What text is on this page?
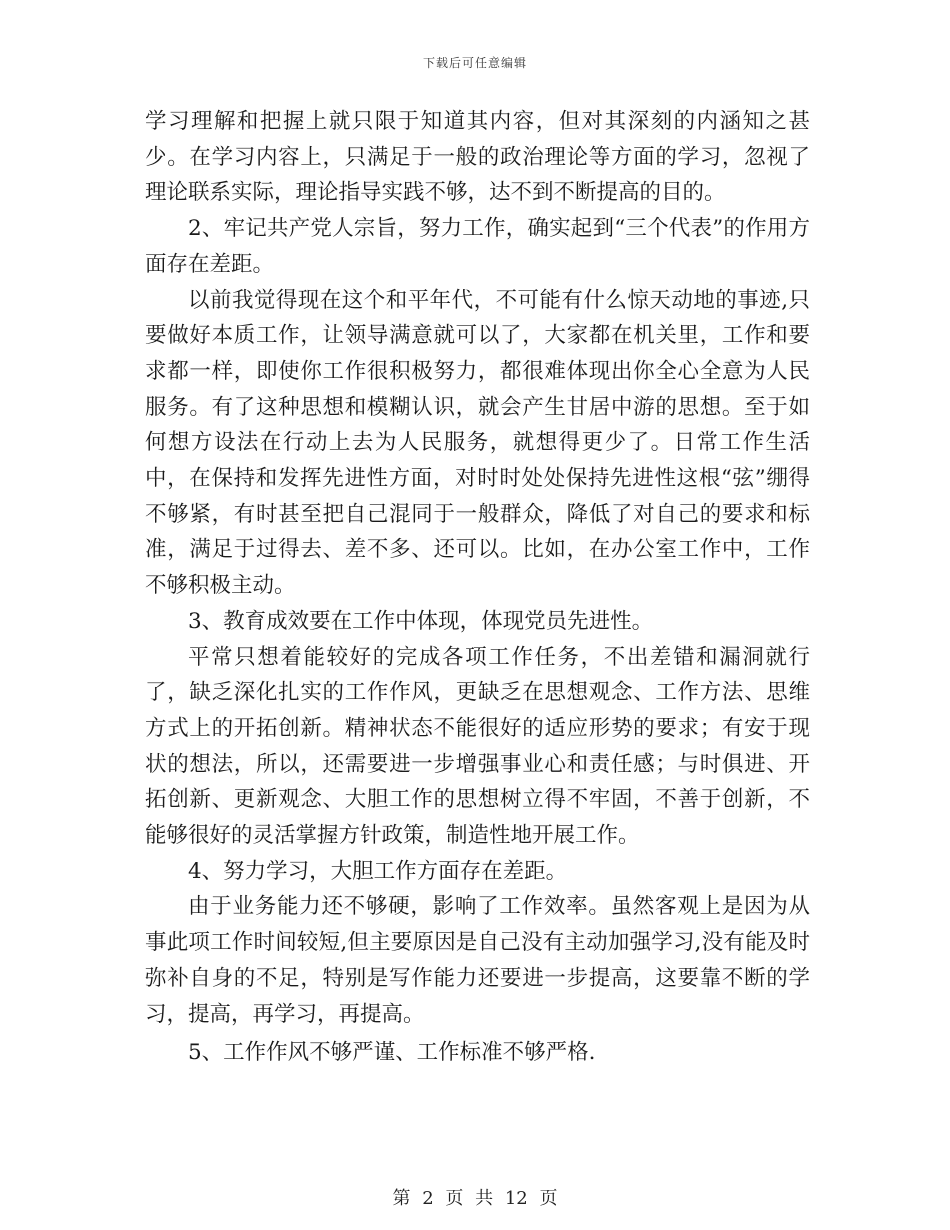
下载后可任意编辑

学习理解和把握上就只限于知道其内容，但对其深刻的内涵知之甚少。在学习内容上，只满足于一般的政治理论等方面的学习，忽视了理论联系实际，理论指导实践不够，达不到不断提高的目的。

2、牢记共产党人宗旨，努力工作，确实起到“三个代表”的作用方面存在差距。

以前我觉得现在这个和平年代，不可能有什么惊天动地的事迹,只要做好本质工作，让领导满意就可以了，大家都在机关里，工作和要求都一样，即使你工作很积极努力，都很难体现出你全心全意为人民服务。有了这种思想和模糊认识，就会产生甘居中游的思想。至于如何想方设法在行动上去为人民服务，就想得更少了。日常工作生活中，在保持和发挥先进性方面，对时时处处保持先进性这根“弦”绷得不够紧，有时甚至把自己混同于一般群众，降低了对自己的要求和标准，满足于过得去、差不多、还可以。比如，在办公室工作中，工作不够积极主动。

3、教育成效要在工作中体现，体现党员先进性。

平常只想着能较好的完成各项工作任务，不出差错和漏洞就行了，缺乏深化扎实的工作作风，更缺乏在思想观念、工作方法、思维方式上的开拓创新。精神状态不能很好的适应形势的要求；有安于现状的想法，所以，还需要进一步增强事业心和责任感；与时俱进、开拓创新、更新观念、大胆工作的思想树立得不牢固，不善于创新，不能够很好的灵活掌握方针政策，制造性地开展工作。

4、努力学习，大胆工作方面存在差距。

由于业务能力还不够硬，影响了工作效率。虽然客观上是因为从事此项工作时间较短,但主要原因是自己没有主动加强学习,没有能及时弥补自身的不足，特别是写作能力还要进一步提高，这要靠不断的学习，提高，再学习，再提高。

5、工作作风不够严谨、工作标准不够严格.

第 2 页 共 12 页
